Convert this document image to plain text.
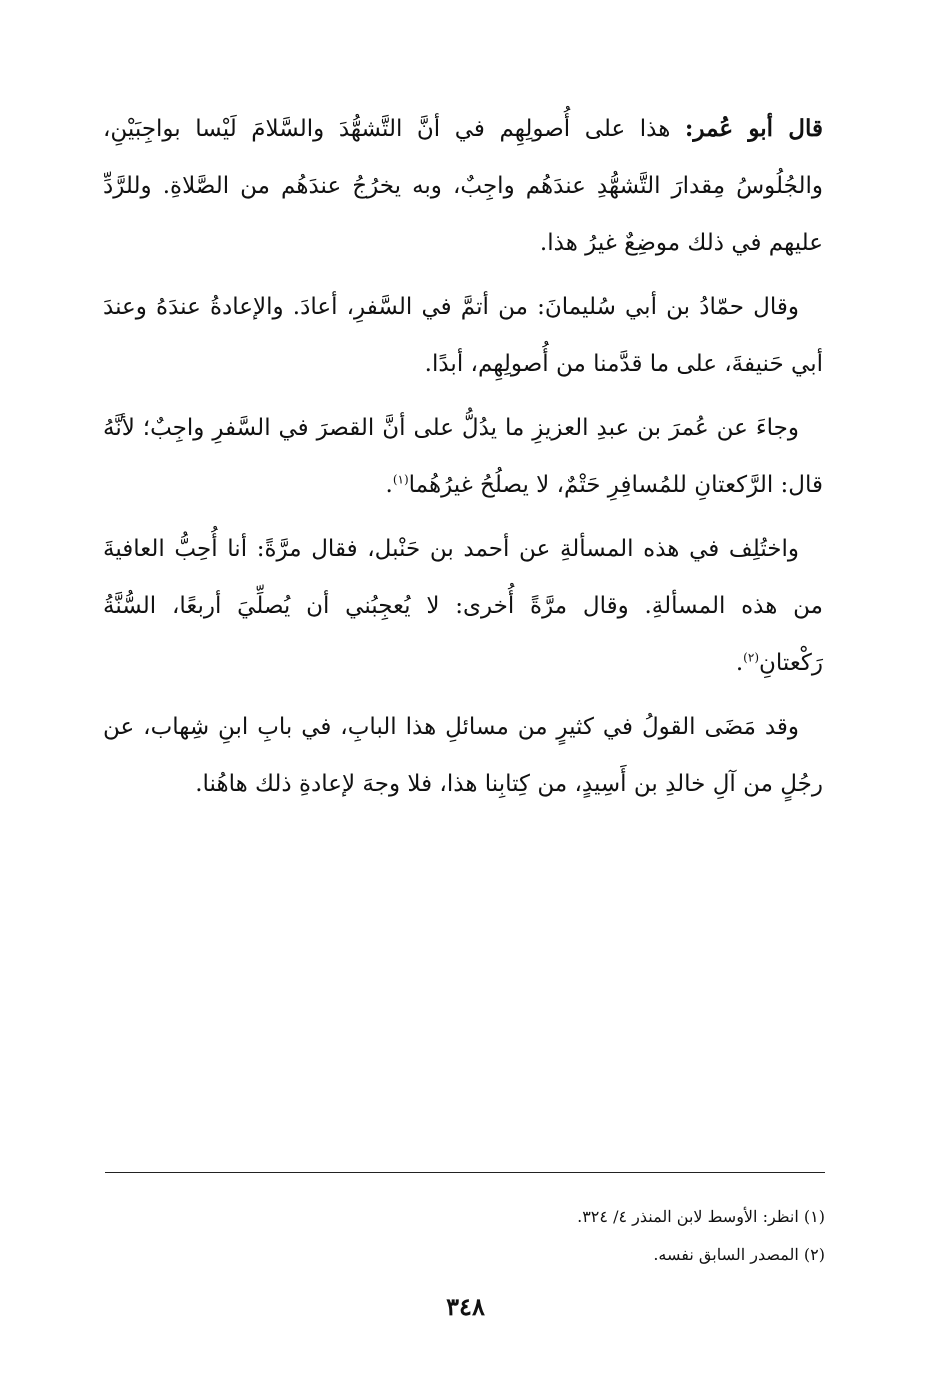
قال أبو عُمر: هذا على أُصولِهِم في أنَّ التَّشهُّدَ والسَّلامَ لَيْسا بواجِبَيْنِ، والجُلُوسُ مِقدارَ التَّشهُّدِ عندَهُم واجِبٌ، وبه يخرُجُ عندَهُم من الصَّلاةِ. وللرَّدِّ عليهم في ذلك موضِعٌ غيرُ هذا.

وقال حمّادُ بن أبي سُليمانَ: من أتمَّ في السَّفرِ، أعادَ. والإعادةُ عندَهُ وعندَ أبي حَنيفةَ، على ما قدَّمنا من أُصولِهِم، أبدًا.

وجاءَ عن عُمرَ بن عبدِ العزيزِ ما يدُلُّ على أنَّ القصرَ في السَّفرِ واجِبٌ؛ لأنَّهُ قال: الرَّكعتانِ للمُسافِرِ حَتْمٌ، لا يصلُحُ غيرُهُما$^{(١)}$.

واختُلِف في هذه المسألةِ عن أحمد بن حَنْبل، فقال مرَّةً: أنا أُحِبُّ العافيةَ من هذه المسألةِ. وقال مرَّةً أُخرى: لا يُعجِبُني أن يُصلِّيَ أربعًا، السُّنَّةُ رَكْعتانِ$^{(٢)}$.

وقد مَضَى القولُ في كثيرٍ من مسائلِ هذا البابِ، في بابِ ابنِ شِهاب، عن رجُلٍ من آلِ خالدِ بن أَسِيدٍ، من كِتابِنا هذا، فلا وجهَ لإعادةِ ذلك هاهُنا.

(١) انظر: الأوسط لابن المنذر ٤/ ٣٢٤.

(٢) المصدر السابق نفسه.

٣٤٨
